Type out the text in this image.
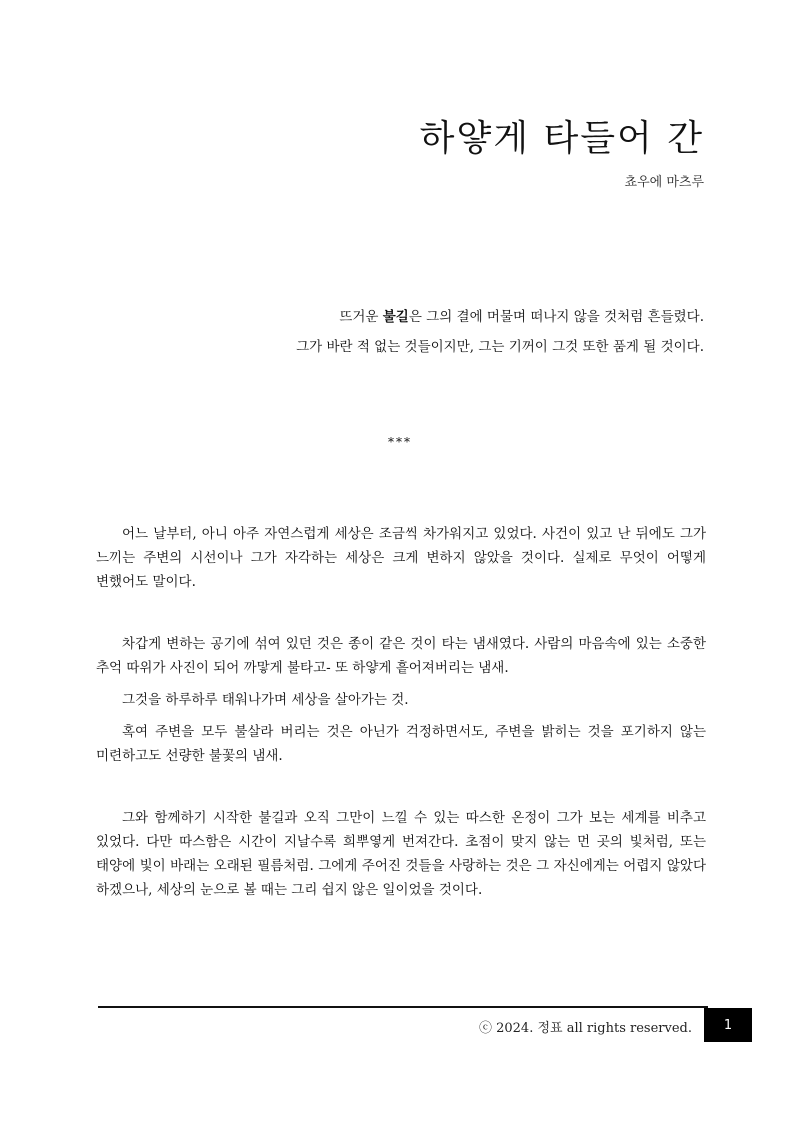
하얗게 타들어 간
쵸우에 마츠루
뜨거운 불길은 그의 결에 머물며 떠나지 않을 것처럼 흔들렸다.
그가 바란 적 없는 것들이지만, 그는 기꺼이 그것 또한 품게 될 것이다.
***

어느 날부터, 아니 아주 자연스럽게 세상은 조금씩 차가워지고 있었다. 사건이 있고 난 뒤에도 그가 느끼는 주변의 시선이나 그가 자각하는 세상은 크게 변하지 않았을 것이다. 실제로 무엇이 어떻게 변했어도 말이다.

차갑게 변하는 공기에 섞여 있던 것은 종이 같은 것이 타는 냄새였다. 사람의 마음속에 있는 소중한 추억 따위가 사진이 되어 까맣게 불타고- 또 하얗게 흩어져버리는 냄새.

그것을 하루하루 태워나가며 세상을 살아가는 것.

혹여 주변을 모두 불살라 버리는 것은 아닌가 걱정하면서도, 주변을 밝히는 것을 포기하지 않는 미련하고도 선량한 불꽃의 냄새.

그와 함께하기 시작한 불길과 오직 그만이 느낄 수 있는 따스한 온정이 그가 보는 세계를 비추고 있었다. 다만 따스함은 시간이 지날수록 희뿌옇게 번져간다. 초점이 맞지 않는 먼 곳의 빛처럼, 또는 태양에 빛이 바래는 오래된 필름처럼. 그에게 주어진 것들을 사랑하는 것은 그 자신에게는 어렵지 않았다 하겠으나, 세상의 눈으로 볼 때는 그리 쉽지 않은 일이었을 것이다.

ⓒ 2024. 정표 all rights reserved. 1
